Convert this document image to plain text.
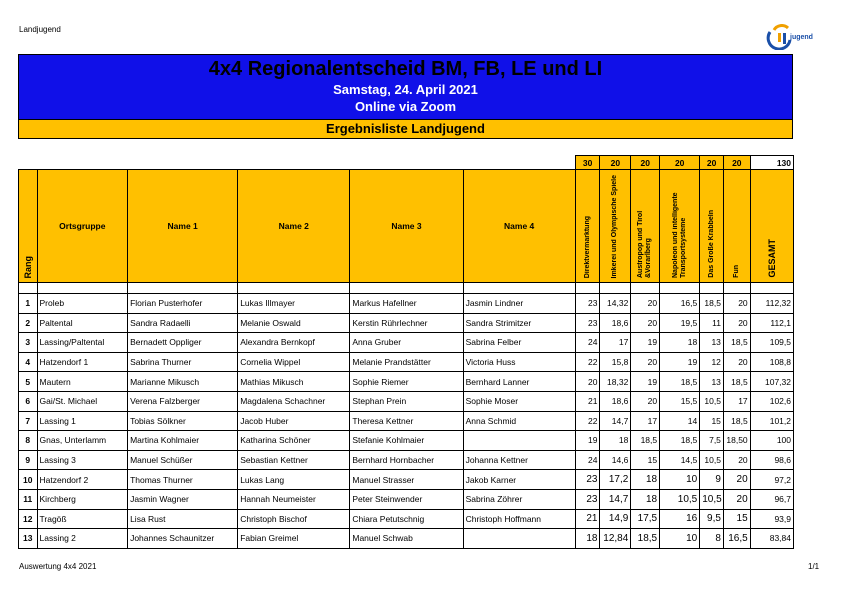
Landjugend
jugend
4x4 Regionalentscheid BM, FB, LE und LI
Samstag, 24. April 2021
Online via Zoom
Ergebnisliste Landjugend
						30	20	20	20	20	20	130
Rang	Ortsgruppe	Name 1	Name 2	Name 3	Name 4	Direktvermarktung	Imkerei und Olympische Spiele	Austropop und Tirol &Vorarlberg	Napoleon und intelligente Transportsysteme	Das Große Krabbeln	Fun	GESAMT

1	Proleb	Florian Pusterhofer	Lukas Illmayer	Markus Hafellner	Jasmin Lindner	23	14,32	20	16,5	18,5	20	112,32
2	Paltental	Sandra Radaelli	Melanie Oswald	Kerstin Rührlechner	Sandra Strimitzer	23	18,6	20	19,5	11	20	112,1
3	Lassing/Paltental	Bernadett Oppliger	Alexandra Bernkopf	Anna Gruber	Sabrina Felber	24	17	19	18	13	18,5	109,5
4	Hatzendorf 1	Sabrina Thurner	Cornelia Wippel	Melanie Prandstätter	Victoria Huss	22	15,8	20	19	12	20	108,8
5	Mautern	Marianne Mikusch	Mathias Mikusch	Sophie Riemer	Bernhard Lanner	20	18,32	19	18,5	13	18,5	107,32
6	Gai/St. Michael	Verena Falzberger	Magdalena Schachner	Stephan Prein	Sophie Moser	21	18,6	20	15,5	10,5	17	102,6
7	Lassing 1	Tobias Sölkner	Jacob Huber	Theresa Kettner	Anna Schmid	22	14,7	17	14	15	18,5	101,2
8	Gnas, Unterlamm	Martina Kohlmaier	Katharina Schöner	Stefanie Kohlmaier		19	18	18,5	18,5	7,5	18,50	100
9	Lassing 3	Manuel Schüßer	Sebastian Kettner	Bernhard Hornbacher	Johanna Kettner	24	14,6	15	14,5	10,5	20	98,6
10	Hatzendorf 2	Thomas Thurner	Lukas Lang	Manuel Strasser	Jakob Karner	23	17,2	18	10	9	20	97,2
11	Kirchberg	Jasmin Wagner	Hannah Neumeister	Peter Steinwender	Sabrina Zöhrer	23	14,7	18	10,5	10,5	20	96,7
12	Tragöß	Lisa Rust	Christoph Bischof	Chiara Petutschnig	Christoph Hoffmann	21	14,9	17,5	16	9,5	15	93,9
13	Lassing 2	Johannes Schaunitzer	Fabian Greimel	Manuel Schwab		18	12,84	18,5	10	8	16,5	83,84
Auswertung 4x4 2021	1/1
